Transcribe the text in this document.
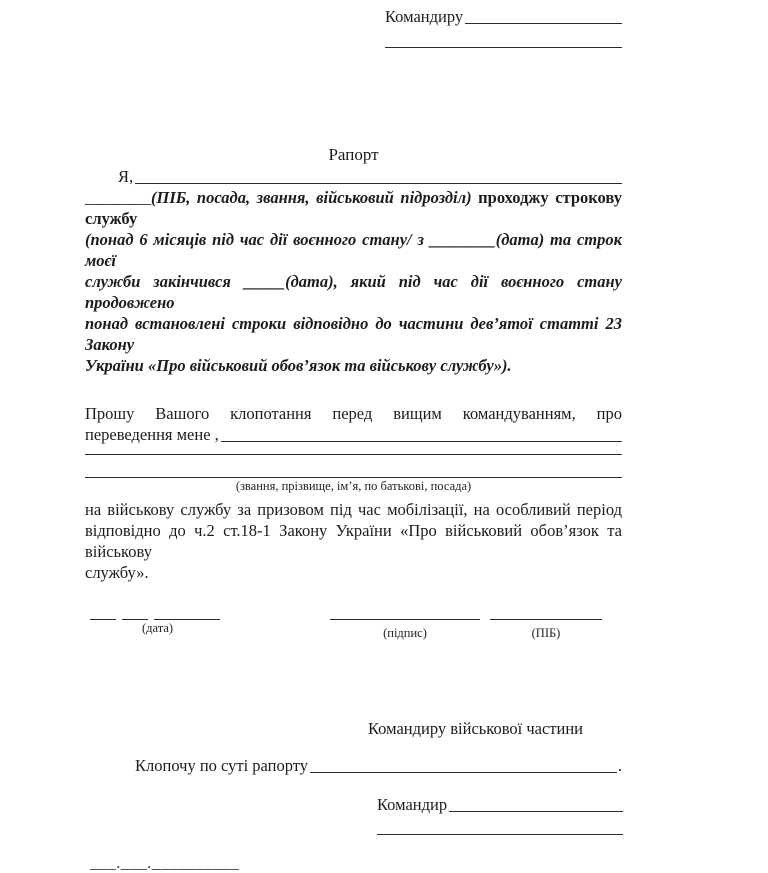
Командиру
Рапорт
Я,
________(ПІБ, посада, звання, військовий підрозділ) проходжу строкову службу
(понад 6 місяців під час дії воєнного стану/ з ________(дата) та строк моєї
служби закінчився _____(дата), який під час дії воєнного стану продовжено
понад встановлені строки відповідно до частини дев’ятої статті 23 Закону
України «Про військовий обов’язок та військову службу»).
Прошу Вашого клопотання перед вищим командуванням, про
переведення мене ,
(звання, прізвище, ім’я, по батькові, посада)
на військову службу за призовом під час мобілізації, на особливий період
відповідно до ч.2 ст.18-1 Закону України «Про військовий обов’язок та військову
службу».
(дата)	(підпис)	(ПІБ)
Командиру військової частини
Клопочу по суті рапорту	.
Командир
___.___.__________
